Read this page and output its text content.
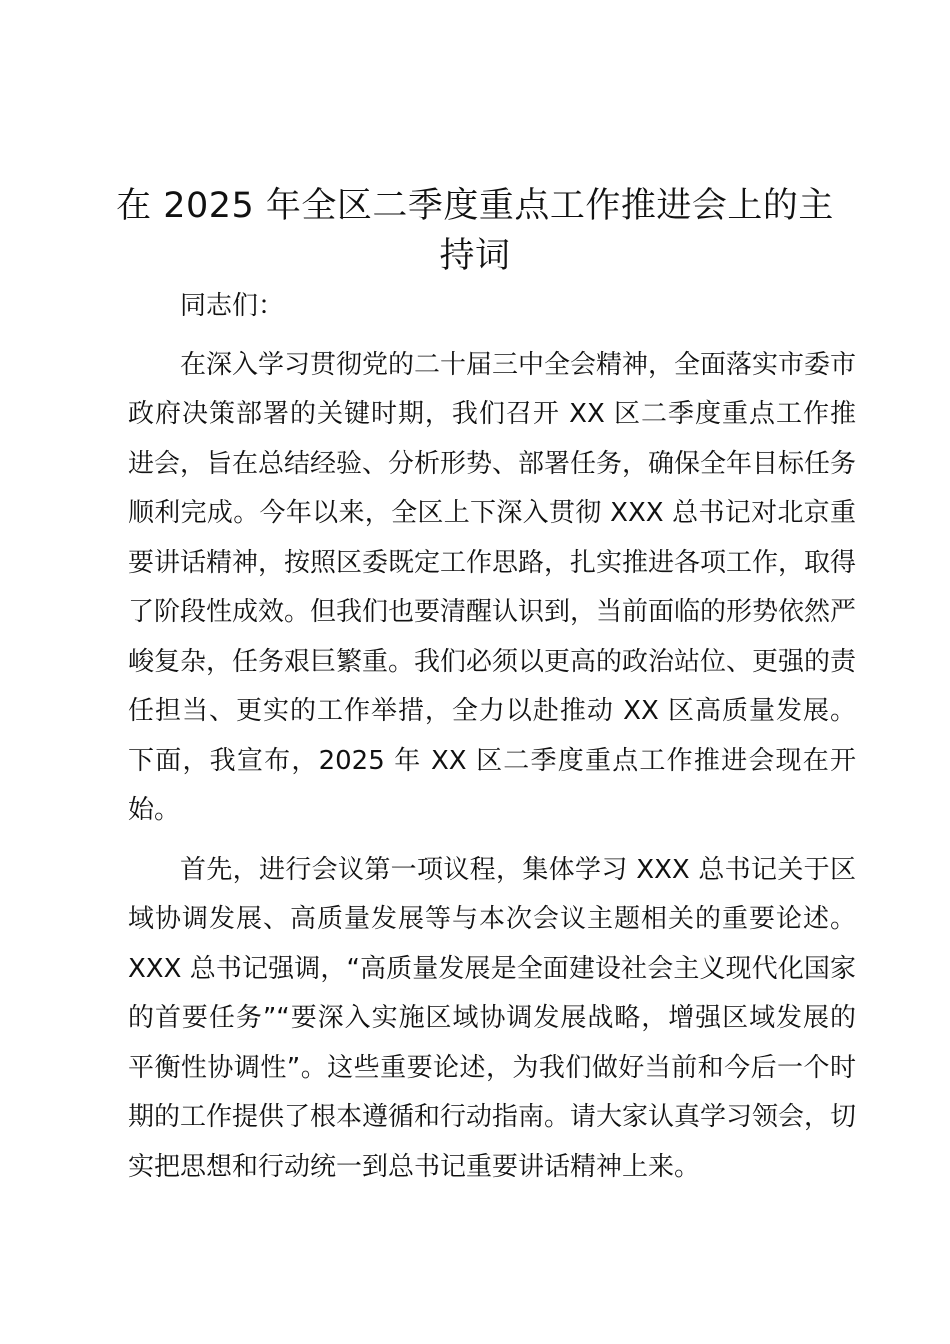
在 2025 年全区二季度重点工作推进会上的主持词

同志们：

在深入学习贯彻党的二十届三中全会精神，全面落实市委市政府决策部署的关键时期，我们召开 XX 区二季度重点工作推进会，旨在总结经验、分析形势、部署任务，确保全年目标任务顺利完成。今年以来，全区上下深入贯彻 XXX 总书记对北京重要讲话精神，按照区委既定工作思路，扎实推进各项工作，取得了阶段性成效。但我们也要清醒认识到，当前面临的形势依然严峻复杂，任务艰巨繁重。我们必须以更高的政治站位、更强的责任担当、更实的工作举措，全力以赴推动 XX 区高质量发展。下面，我宣布，2025 年 XX 区二季度重点工作推进会现在开始。

首先，进行会议第一项议程，集体学习 XXX 总书记关于区域协调发展、高质量发展等与本次会议主题相关的重要论述。XXX 总书记强调，“高质量发展是全面建设社会主义现代化国家的首要任务”“要深入实施区域协调发展战略，增强区域发展的平衡性协调性”。这些重要论述，为我们做好当前和今后一个时期的工作提供了根本遵循和行动指南。请大家认真学习领会，切实把思想和行动统一到总书记重要讲话精神上来。
